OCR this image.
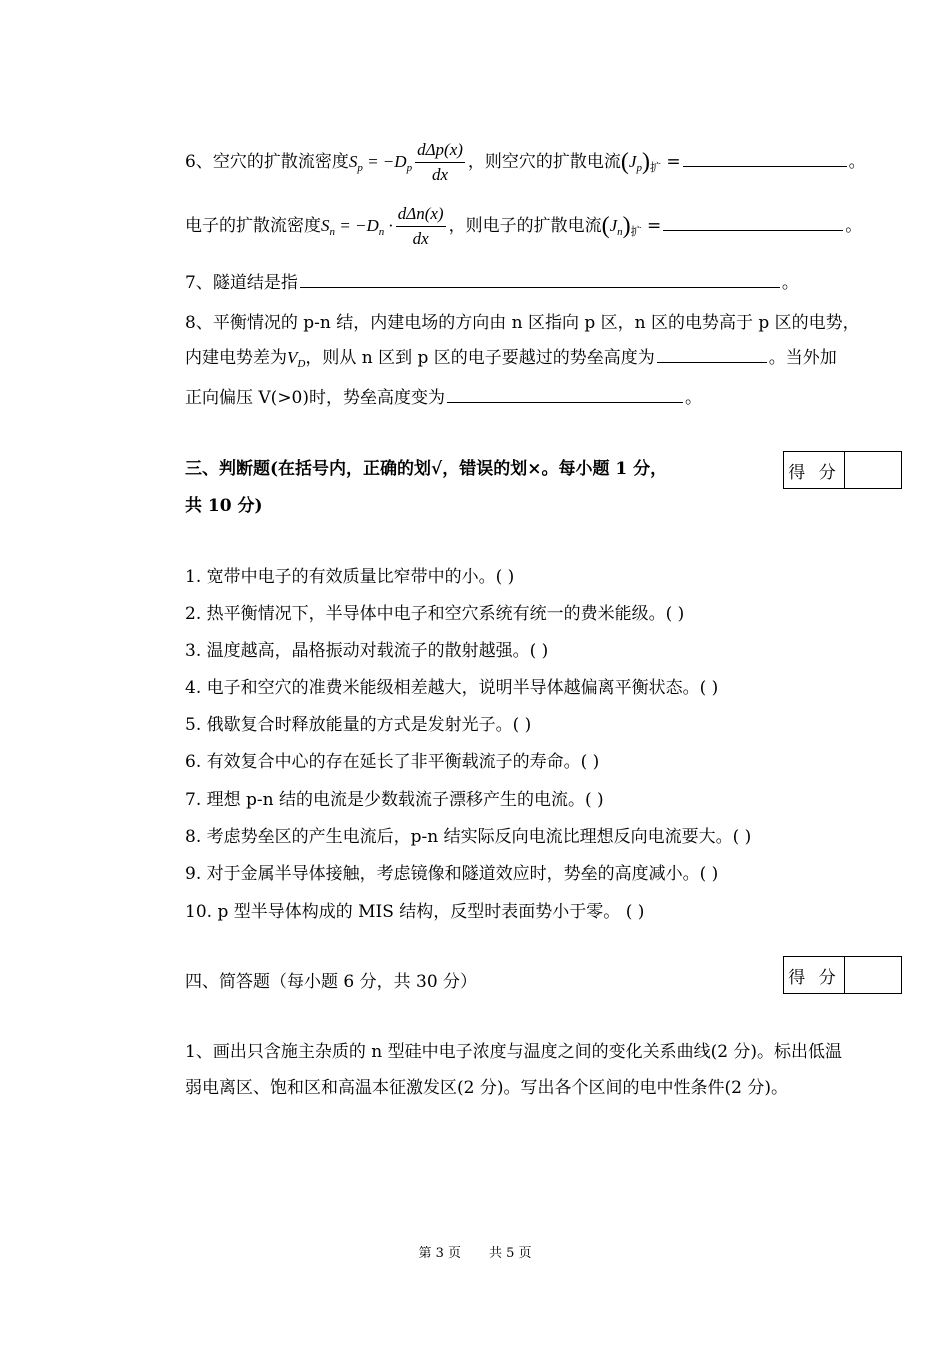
6、空穴的扩散流密度$S_p = -D_p \frac{\text{dΔp(x)}}{dx}$ ，则空穴的扩散电流$(J_p)_扩$ =	。
电子的扩散流密度$S_n = -D_n \cdot \frac{\text{dΔn(x)}}{dx}$ ，则电子的扩散电流$(J_n)_扩$ =	。
7、隧道结是指	。
8、平衡情况的 p-n 结，内建电场的方向由 n 区指向 p 区，n 区的电势高于 p 区的电势，
内建电势差为$V_D$，则从 n 区到 p 区的电子要越过的势垒高度为	。当外加
正向偏压 V(>0)时，势垒高度变为	。
三、判断题(在括号内，正确的划√，错误的划×。每小题 1 分，
共 10 分)
得 分
1. 宽带中电子的有效质量比窄带中的小。( )
2. 热平衡情况下，半导体中电子和空穴系统有统一的费米能级。( )
3. 温度越高，晶格振动对载流子的散射越强。( )
4. 电子和空穴的准费米能级相差越大，说明半导体越偏离平衡状态。( )
5. 俄歇复合时释放能量的方式是发射光子。( )
6. 有效复合中心的存在延长了非平衡载流子的寿命。( )
7. 理想 p-n 结的电流是少数载流子漂移产生的电流。( )
8. 考虑势垒区的产生电流后，p-n 结实际反向电流比理想反向电流要大。( )
9. 对于金属半导体接触，考虑镜像和隧道效应时，势垒的高度减小。( )
10. p 型半导体构成的 MIS 结构，反型时表面势小于零。 ( )
四、简答题（每小题 6 分，共 30 分）	得 分
1、画出只含施主杂质的 n 型硅中电子浓度与温度之间的变化关系曲线(2 分)。标出低温
弱电离区、饱和区和高温本征激发区(2 分)。写出各个区间的电中性条件(2 分)。
第 3 页 共 5 页
